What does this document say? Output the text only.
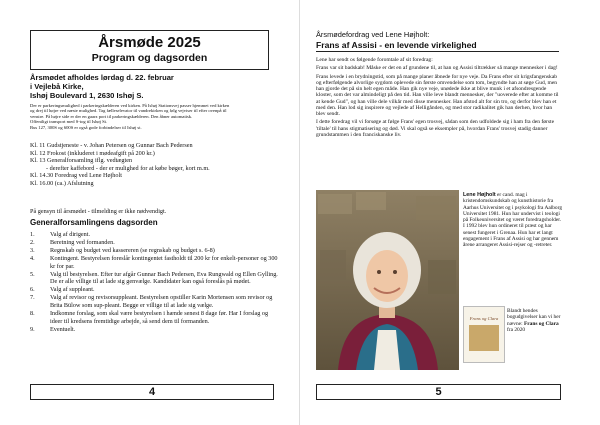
Årsmøde 2025
Program og dagsorden
Årsmødet afholdes lørdag d. 22. februar
i Vejlebå Kirke,
Ishøj Boulevard 1, 2630 Ishøj S.
Der er parkeringsmulighed i parkeringskælderen ved kirken. På Ishøj Stationsvej passer hjemmet ved kirken
og drej til højre ved næste mulighed. Tag fælleselevator til vandrekirken og følg vejviser til efter ovenpå til
venstre. På højre side er der en gaarz port til parkeringskælderen. Den åbner automatisk.
Offentligt transport med S-tog til Ishøj St.
Bus 127, 300S og 600S er også gode forbindelser til Ishøj st.
Kl. 11 Gudstjeneste - v. Johan Petersen og Gunnar Bach Pedersen
Kl. 12 Frokost (inkluderet i mødeafgift på 200 kr.)
Kl. 13 Generalforsamling iflg. vedtægten
- derefter kaffebord - der er mulighed for at købe bøger, kort m.m.
Kl. 14.30 Foredrag ved Lene Højholt
Kl. 16.00 (ca.) Afslutning
På gensyn til årsmødet - tilmelding er ikke nødvendigt.
Generalforsamlingens dagsorden
1.	Valg af dirigent.
2.	Beretning ved formanden.
3.	Regnskab og budget ved kassereren (se regnskab og budget s. 6-8)
4.	Kontingent. Bestyrelsen foreslår kontingentet fastholdt til 200 kr for enkelt-personer og 300 kr for par.
5.	Valg til bestyrelsen. Efter tur afgår Gunnar Bach Pedersen, Eva Rungwald og Ellen Gylling. De er alle villige til at lade sig genvælge. Kandidater kan også foreslås på mødet.
6.	Valg af suppleant.
7.	Valg af revisor og revisorsuppleant. Bestyrelsen opstiller Karin Mortensen som revisor og Brita Bülow som sup-pleant. Begge er villige til at lade sig vælge.
8.	Indkomne forslag, som skal være bestyrelsen i hænde senest 8 dage før. Har I forslag og ideer til kredsens fremtidige arbejde, så send dem til formanden.
9.	Eventuelt.
4
Årsmødefordrag ved Lene Højholt:
Frans af Assisi - en levende virkelighed

Lene har sendt os følgende foromtale af sit foredrag:

Frans var sit badskab! Måske er det en af grundene til, at han og Assisi tiltrækker så mange mennesker i dag!

Frans levede i en brydningstid, som på mange planer åbnede for nye veje. Da Frans efter sit krigsfangenskab og efterfølgende alvorlige sygdom oplevede sin første omvendelse som tom, begyndte han at søge Gud, men han gjorde det på sin helt egen måde. Han gik nye veje, unødede ikke at blive munk i et afsondresgende kloster, som det var almindeligt på den tid. Han ville leve blandt mennesker, der "uoverede efter at komme til at kende Gud", og han ville dele vilkår med disse mennesker. Han afstod alt for sin tro, og derfor blev han et med den. Han lod sig inspirere og vejlede af Helligånden, og med stor radikalitet gik han derhen, hvor han blev sendt.

I dette foredrag vil vi forsøge at følge Frans' egen trosvej, sådan som den udfoldede sig i ham fra den første 'tiltale' til hans stigmatisering og død. Vi skal også se eksempler på, hvordan Frans' trosvej stadig danner grundstammen i den franciskanske liv.

Lene Højholt er cand. mag i kristendomskundskab og kunsthistorie fra Aarhus Universitet og i psykologi fra Aalborg Universitet 1981. Hun har undervist i teologi på Folkeuniversitet og været foredragsholder. I 1992 blev hun ordineret til præst og har senest fungeret i Grenaa. Hun har et langt engagement i Frans af Assisi og har gennem årene arrangeret Assisi-rejser og -retreter.
Frans og Clara
Blandt hendes bogudgivelser kan vi her nævne: Frans og Clara fra 2020
5
